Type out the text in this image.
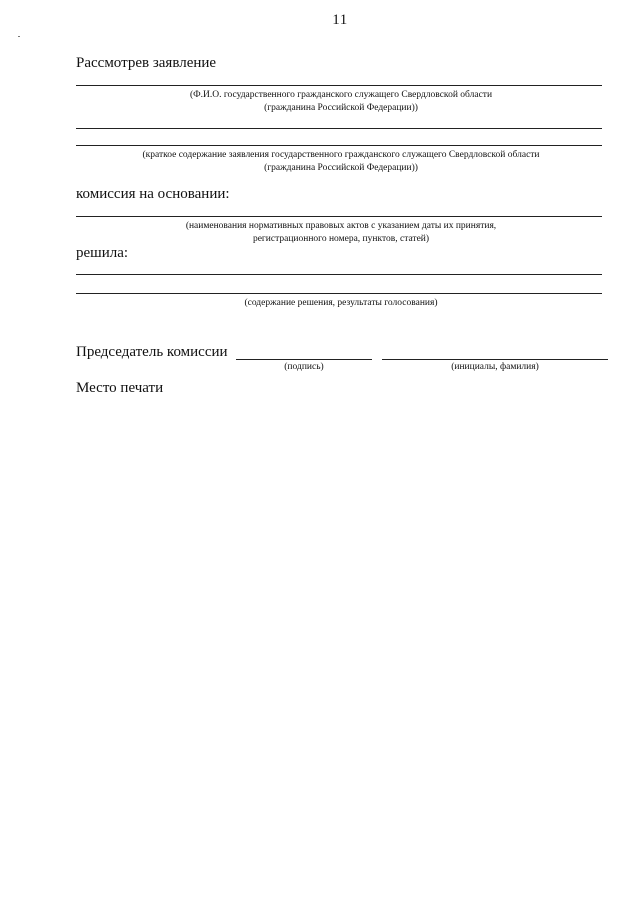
11
Рассмотрев заявление
(Ф.И.О. государственного гражданского служащего Свердловской области
(гражданина Российской Федерации))
(краткое содержание заявления государственного гражданского служащего Свердловской области
(гражданина Российской Федерации))
комиссия на основании:
(наименования нормативных правовых актов с указанием даты их принятия,
регистрационного номера, пунктов, статей)
решила:
(содержание решения, результаты голосования)
Председатель комиссии
(подпись)	(инициалы, фамилия)
Место печати
